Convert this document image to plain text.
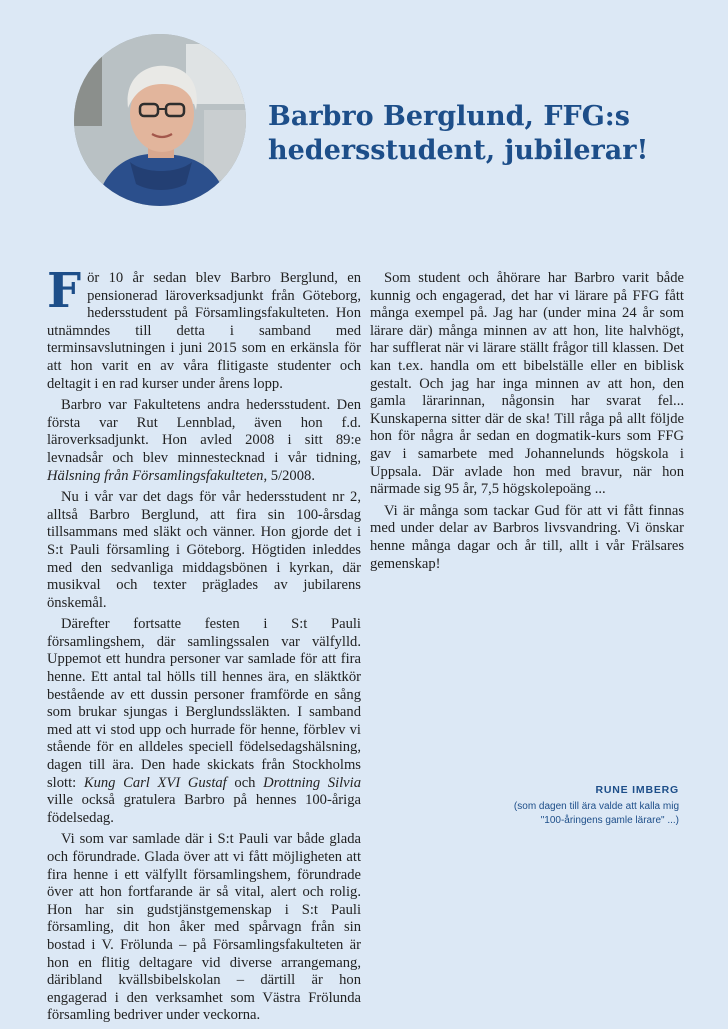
Barbro Berglund, FFG:s hedersstudent, jubilerar!

För 10 år sedan blev Barbro Berglund, en pensionerad läroverksadjunkt från Göteborg, hedersstudent på Församlingsfakulteten. Hon utnämndes till detta i samband med terminsavslutningen i juni 2015 som en erkänsla för att hon varit en av våra flitigaste studenter och deltagit i en rad kurser under årens lopp.

Barbro var Fakultetens andra hedersstudent. Den första var Rut Lennblad, även hon f.d. läroverksadjunkt. Hon avled 2008 i sitt 89:e levnadsår och blev minnestecknad i vår tidning, Hälsning från Församlingsfakulteten, 5/2008.

Nu i vår var det dags för vår hedersstudent nr 2, alltså Barbro Berglund, att fira sin 100-årsdag tillsammans med släkt och vänner. Hon gjorde det i S:t Pauli församling i Göteborg. Högtiden inleddes med den sedvanliga middagsbönen i kyrkan, där musikval och texter präglades av jubilarens önskemål.

Därefter fortsatte festen i S:t Pauli församlingshem, där samlingssalen var välfylld. Uppemot ett hundra personer var samlade för att fira henne. Ett antal tal hölls till hennes ära, en släktkör bestående av ett dussin personer framförde en sång som brukar sjungas i Berglundssläkten. I samband med att vi stod upp och hurrade för henne, förblev vi stående för en alldeles speciell födelsedagshälsning, dagen till ära. Den hade skickats från Stockholms slott: Kung Carl XVI Gustaf och Drottning Silvia ville också gratulera Barbro på hennes 100-åriga födelsedag.

Vi som var samlade där i S:t Pauli var både glada och förundrade. Glada över att vi fått möjligheten att fira henne i ett välfyllt församlingshem, förundrade över att hon fortfarande är så vital, alert och rolig. Hon har sin gudstjänstgemenskap i S:t Pauli församling, dit hon åker med spårvagn från sin bostad i V. Frölunda – på Församlingsfakulteten är hon en flitig deltagare vid diverse arrangemang, däribland kvällsbibelskolan – därtill är hon engagerad i den verksamhet som Västra Frölunda församling bedriver under veckorna.

Som student och åhörare har Barbro varit både kunnig och engagerad, det har vi lärare på FFG fått många exempel på. Jag har (under mina 24 år som lärare där) många minnen av att hon, lite halvhögt, har sufflerat när vi lärare ställt frågor till klassen. Det kan t.ex. handla om ett bibelställe eller en biblisk gestalt. Och jag har inga minnen av att hon, den gamla lärarinnan, någonsin har svarat fel... Kunskaperna sitter där de ska! Till råga på allt följde hon för några år sedan en dogmatik-kurs som FFG gav i samarbete med Johannelunds högskola i Uppsala. Där avlade hon med bravur, när hon närmade sig 95 år, 7,5 högskolepoäng ...

Vi är många som tackar Gud för att vi fått finnas med under delar av Barbros livsvandring. Vi önskar henne många dagar och år till, allt i vår Frälsares gemenskap!

RUNE IMBERG
(som dagen till ära valde att kalla mig
"100-åringens gamle lärare" ...)
